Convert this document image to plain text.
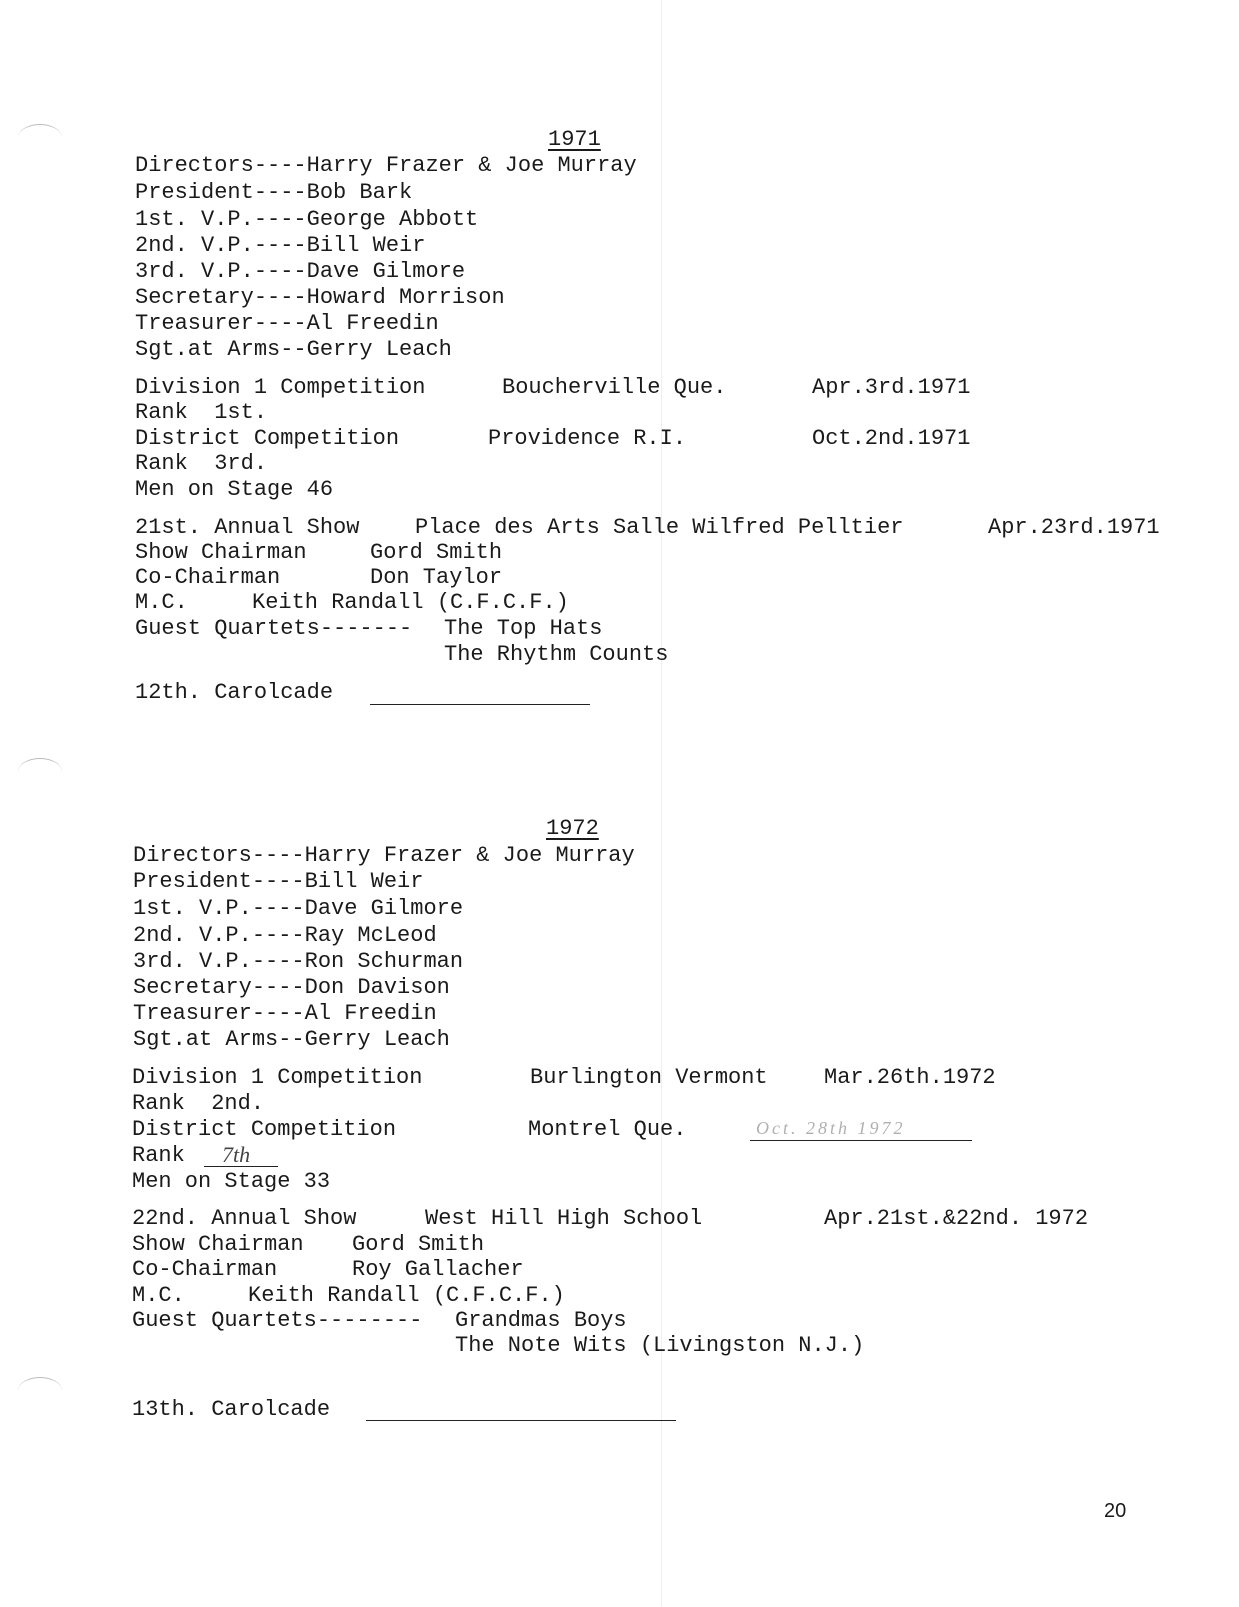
1971
Directors----Harry Frazer & Joe Murray
President----Bob Bark
1st. V.P.----George Abbott
2nd. V.P.----Bill Weir
3rd. V.P.----Dave Gilmore
Secretary----Howard Morrison
Treasurer----Al Freedin
Sgt.at Arms--Gerry Leach
Division 1 Competition	Boucherville Que.	Apr.3rd.1971
Rank  1st.
District Competition	Providence R.I.	Oct.2nd.1971
Rank  3rd.
Men on Stage 46
21st. Annual Show	Place des Arts Salle Wilfred Pelltier	Apr.23rd.1971
Show Chairman	Gord Smith
Co-Chairman	Don Taylor
M.C.	Keith Randall (C.F.C.F.)
Guest Quartets------- The Top Hats
The Rhythm Counts
12th. Carolcade
1972
Directors----Harry Frazer & Joe Murray
President----Bill Weir
1st. V.P.----Dave Gilmore
2nd. V.P.----Ray McLeod
3rd. V.P.----Ron Schurman
Secretary----Don Davison
Treasurer----Al Freedin
Sgt.at Arms--Gerry Leach
Division 1 Competition	Burlington Vermont	Mar.26th.1972
Rank  2nd.
District Competition	Montrel Que.	Oct. 28th 1972
Rank 7th
Men on Stage 33
22nd. Annual Show	West Hill High School	Apr.21st.&22nd. 1972
Show Chairman Gord Smith
Co-Chairman	Roy Gallacher
M.C.	Keith Randall (C.F.C.F.)
Guest Quartets-------- Grandmas Boys
The Note Wits (Livingston N.J.)
13th. Carolcade
20
